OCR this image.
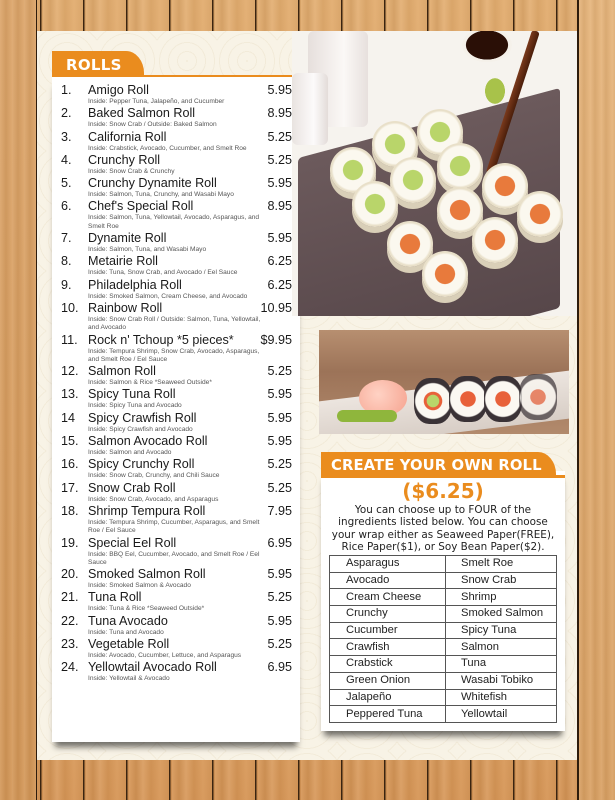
ROLLS
1.	Amigo Roll	5.95
Inside: Pepper Tuna, Jalapeño, and Cucumber
2.	Baked Salmon Roll	8.95
Inside: Snow Crab / Outside: Baked Salmon
3.	California Roll	5.25
Inside: Crabstick, Avocado, Cucumber, and Smelt Roe
4.	Crunchy Roll	5.25
Inside: Snow Crab & Crunchy
5.	Crunchy Dynamite Roll	5.95
Inside: Salmon, Tuna, Crunchy, and Wasabi Mayo
6.	Chef's Special Roll	8.95
Inside: Salmon, Tuna, Yellowtail, Avocado, Asparagus, and Smelt Roe
7.	Dynamite Roll	5.95
Inside: Salmon, Tuna, and Wasabi Mayo
8.	Metairie Roll	6.25
Inside: Tuna, Snow Crab, and Avocado / Eel Sauce
9.	Philadelphia Roll	6.25
Inside: Smoked Salmon, Cream Cheese, and Avocado
10. Rainbow Roll	10.95
Inside: Snow Crab Roll / Outside: Salmon, Tuna, Yellowtail, and Avocado
11. Rock n' Tchoup *5 pieces*	$9.95
Inside: Tempura Shrimp, Snow Crab, Avocado, Asparagus, and Smelt Roe / Eel Sauce
12. Salmon Roll	5.25
Inside: Salmon & Rice *Seaweed Outside*
13. Spicy Tuna Roll	5.95
Inside: Spicy Tuna and Avocado
14	Spicy Crawfish Roll	5.95
Inside: Spicy Crawfish and Avocado
15. Salmon Avocado Roll	5.95
Inside: Salmon and Avocado
16. Spicy Crunchy Roll	5.25
Inside: Snow Crab, Crunchy, and Chili Sauce
17. Snow Crab Roll	5.25
Inside: Snow Crab, Avocado, and Asparagus
18. Shrimp Tempura Roll	7.95
Inside: Tempura Shrimp, Cucumber, Asparagus, and Smelt Roe / Eel Sauce
19. Special Eel Roll	6.95
Inside: BBQ Eel, Cucumber, Avocado, and Smelt Roe / Eel Sauce
20. Smoked Salmon Roll	5.95
Inside: Smoked Salmon & Avocado
21. Tuna Roll	5.25
Inside: Tuna & Rice *Seaweed Outside*
22. Tuna Avocado	5.95
Inside: Tuna and Avocado
23. Vegetable Roll	5.25
Inside: Avocado, Cucumber, Lettuce, and Asparagus
24. Yellowtail Avocado Roll	6.95
Inside: Yellowtail & Avocado
($6.25)
You can choose up to FOUR of the ingredients listed below. You can choose your wrap either as Seaweed Paper(FREE), Rice Paper($1), or Soy Bean Paper($2).
Asparagus	Smelt Roe
Avocado	Snow Crab
Cream Cheese	Shrimp
Crunchy	Smoked Salmon
Cucumber	Spicy Tuna
Crawfish	Salmon
Crabstick	Tuna
Green Onion	Wasabi Tobiko
Jalapeño	Whitefish
Peppered Tuna	Yellowtail
CREATE YOUR OWN ROLL
